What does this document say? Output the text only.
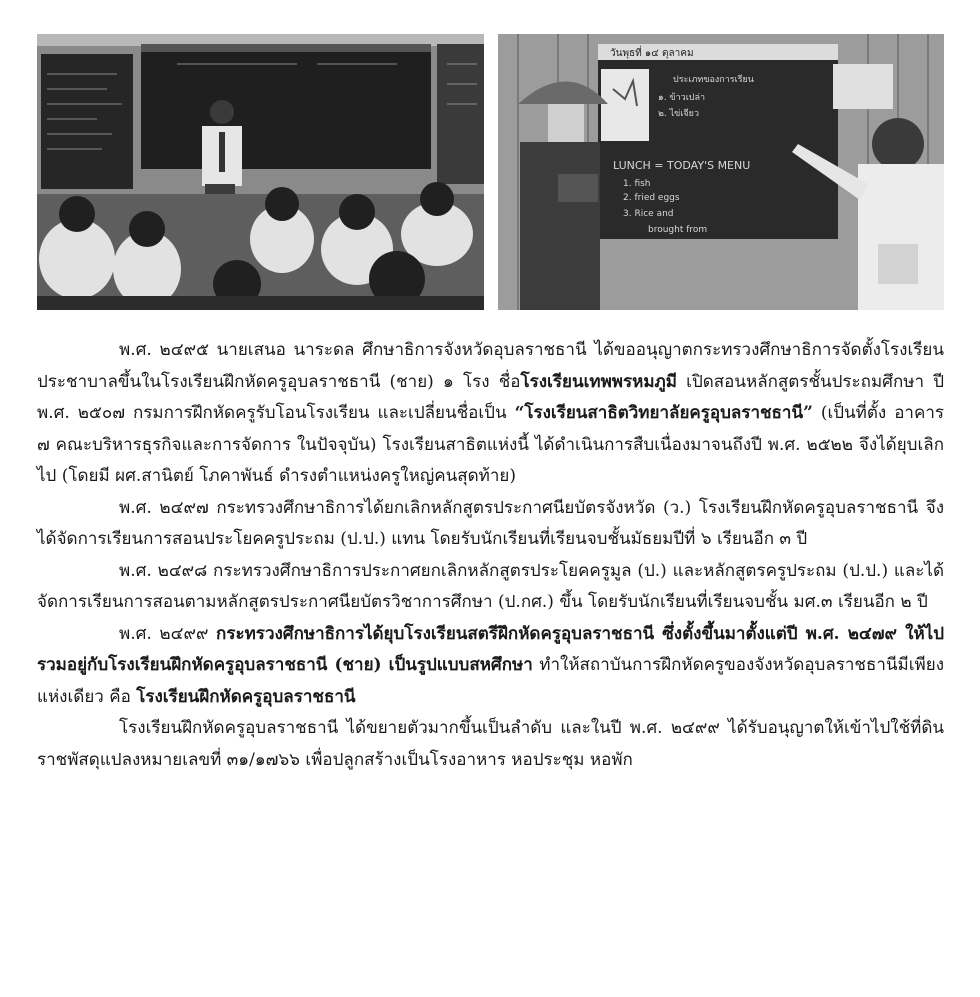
วันพุธที่ ๑๔ ตุลาคม
ประเภทของการเรียน
๑. ข้าวเปล่า
๒. ไข่เจียว
LUNCH = TODAY'S MENU
1. fish
2. fried eggs
3. Rice and
brought from

พ.ศ. ๒๔๙๕ นายเสนอ นาระดล ศึกษาธิการจังหวัดอุบลราชธานี ได้ขออนุญาตกระทรวงศึกษาธิการจัดตั้งโรงเรียนประชาบาลขึ้นในโรงเรียนฝึกหัดครูอุบลราชธานี (ชาย) ๑ โรง ชื่อโรงเรียนเทพพรหมภูมี เปิดสอนหลักสูตรชั้นประถมศึกษา ปี พ.ศ. ๒๕๐๗ กรมการฝึกหัดครูรับโอนโรงเรียน และเปลี่ยนชื่อเป็น “โรงเรียนสาธิตวิทยาลัยครูอุบลราชธานี” (เป็นที่ตั้ง อาคาร ๗ คณะบริหารธุรกิจและการจัดการ ในปัจจุบัน) โรงเรียนสาธิตแห่งนี้ ได้ดำเนินการสืบเนื่องมาจนถึงปี พ.ศ. ๒๕๒๒ จึงได้ยุบเลิกไป (โดยมี ผศ.สานิตย์ โภคาพันธ์ ดำรงตำแหน่งครูใหญ่คนสุดท้าย)

พ.ศ. ๒๔๙๗ กระทรวงศึกษาธิการได้ยกเลิกหลักสูตรประกาศนียบัตรจังหวัด (ว.) โรงเรียนฝึกหัดครูอุบลราชธานี จึงได้จัดการเรียนการสอนประโยคครูประถม (ป.ป.) แทน โดยรับนักเรียนที่เรียนจบชั้นมัธยมปีที่ ๖ เรียนอีก ๓ ปี

พ.ศ. ๒๔๙๘ กระทรวงศึกษาธิการประกาศยกเลิกหลักสูตรประโยคครูมูล (ป.) และหลักสูตรครูประถม (ป.ป.) และได้จัดการเรียนการสอนตามหลักสูตรประกาศนียบัตรวิชาการศึกษา (ป.กศ.) ขึ้น โดยรับนักเรียนที่เรียนจบชั้น มศ.๓ เรียนอีก ๒ ปี

พ.ศ. ๒๔๙๙ กระทรวงศึกษาธิการได้ยุบโรงเรียนสตรีฝึกหัดครูอุบลราชธานี ซึ่งตั้งขึ้นมาตั้งแต่ปี พ.ศ. ๒๔๗๙ ให้ไปรวมอยู่กับโรงเรียนฝึกหัดครูอุบลราชธานี (ชาย) เป็นรูปแบบสหศึกษา ทำให้สถาบันการฝึกหัดครูของจังหวัดอุบลราชธานีมีเพียงแห่งเดียว คือ โรงเรียนฝึกหัดครูอุบลราชธานี

โรงเรียนฝึกหัดครูอุบลราชธานี ได้ขยายตัวมากขึ้นเป็นลำดับ และในปี พ.ศ. ๒๔๙๙ ได้รับอนุญาตให้เข้าไปใช้ที่ดินราชพัสดุแปลงหมายเลขที่ ๓๑/๑๗๖๖ เพื่อปลูกสร้างเป็นโรงอาหาร หอประชุม หอพัก
